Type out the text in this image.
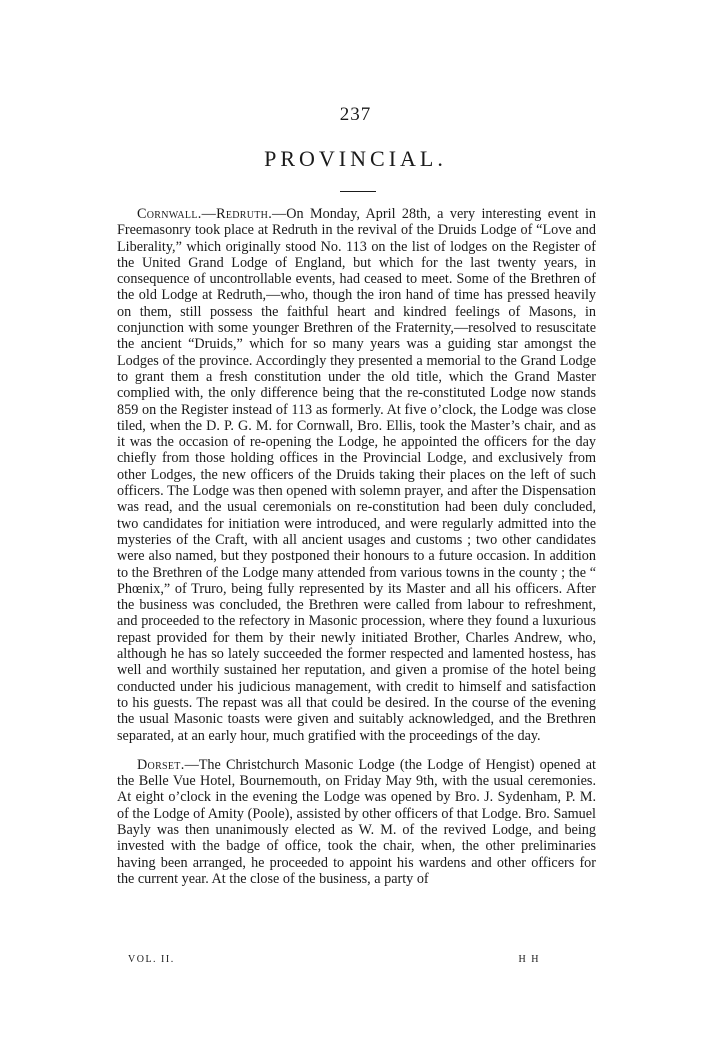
237
PROVINCIAL.

Cornwall.—Redruth.—On Monday, April 28th, a very interesting event in Freemasonry took place at Redruth in the revival of the Druids Lodge of “Love and Liberality,” which originally stood No. 113 on the list of lodges on the Register of the United Grand Lodge of England, but which for the last twenty years, in consequence of uncontrollable events, had ceased to meet. Some of the Brethren of the old Lodge at Redruth,—who, though the iron hand of time has pressed heavily on them, still possess the faithful heart and kindred feelings of Masons, in conjunction with some younger Brethren of the Fraternity,—resolved to resuscitate the ancient “Druids,” which for so many years was a guiding star amongst the Lodges of the province. Accordingly they presented a memorial to the Grand Lodge to grant them a fresh constitution under the old title, which the Grand Master complied with, the only difference being that the re-constituted Lodge now stands 859 on the Register instead of 113 as formerly. At five o’clock, the Lodge was close tiled, when the D. P. G. M. for Cornwall, Bro. Ellis, took the Master’s chair, and as it was the occasion of re-opening the Lodge, he appointed the officers for the day chiefly from those holding offices in the Provincial Lodge, and exclusively from other Lodges, the new officers of the Druids taking their places on the left of such officers. The Lodge was then opened with solemn prayer, and after the Dispensation was read, and the usual ceremonials on re-constitution had been duly concluded, two candidates for initiation were introduced, and were regularly admitted into the mysteries of the Craft, with all ancient usages and customs ; two other candidates were also named, but they postponed their honours to a future occasion. In addition to the Brethren of the Lodge many attended from various towns in the county ; the “ Phœnix,” of Truro, being fully represented by its Master and all his officers. After the business was concluded, the Brethren were called from labour to refreshment, and proceeded to the refectory in Masonic procession, where they found a luxurious repast provided for them by their newly initiated Brother, Charles Andrew, who, although he has so lately succeeded the former respected and lamented hostess, has well and worthily sustained her reputation, and given a promise of the hotel being conducted under his judicious management, with credit to himself and satisfaction to his guests. The repast was all that could be desired. In the course of the evening the usual Masonic toasts were given and suitably acknowledged, and the Brethren separated, at an early hour, much gratified with the proceedings of the day.

Dorset.—The Christchurch Masonic Lodge (the Lodge of Hengist) opened at the Belle Vue Hotel, Bournemouth, on Friday May 9th, with the usual ceremonies. At eight o’clock in the evening the Lodge was opened by Bro. J. Sydenham, P. M. of the Lodge of Amity (Poole), assisted by other officers of that Lodge. Bro. Samuel Bayly was then unanimously elected as W. M. of the revived Lodge, and being invested with the badge of office, took the chair, when, the other preliminaries having been arranged, he proceeded to appoint his wardens and other officers for the current year. At the close of the business, a party of

VOL. II.	H H
